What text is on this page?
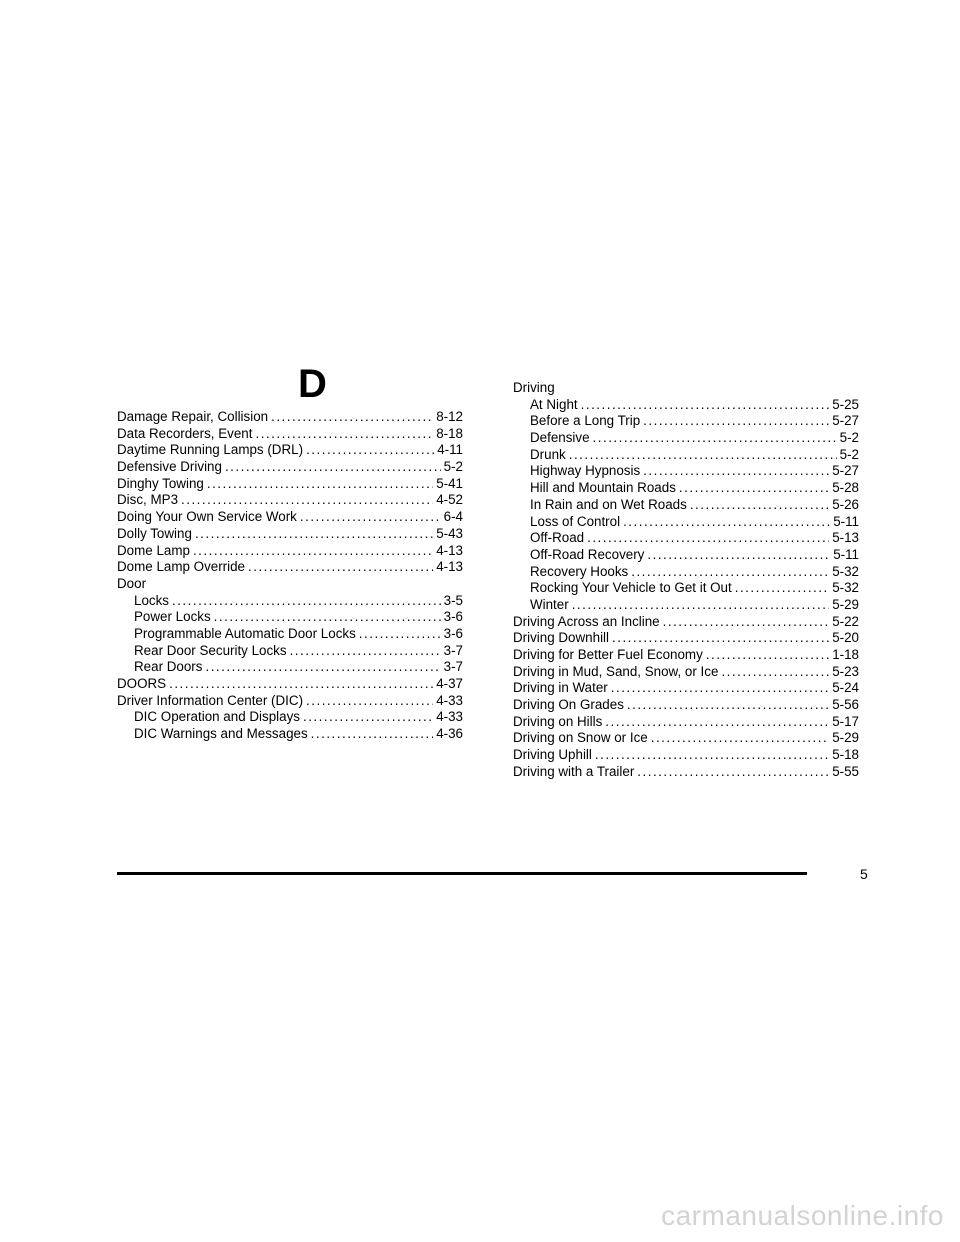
D
Damage Repair, Collision .....	8-12
Data Recorders, Event .....	8-18
Daytime Running Lamps (DRL) .....	4-11
Defensive Driving .....	5-2
Dinghy Towing .....	5-41
Disc, MP3 .....	4-52
Doing Your Own Service Work .....	6-4
Dolly Towing .....	5-43
Dome Lamp .....	4-13
Dome Lamp Override .....	4-13
Door
Locks .....	3-5
Power Locks .....	3-6
Programmable Automatic Door Locks .....	3-6
Rear Door Security Locks .....	3-7
Rear Doors .....	3-7
DOORS .....	4-37
Driver Information Center (DIC) .....	4-33
DIC Operation and Displays .....	4-33
DIC Warnings and Messages .....	4-36
Driving
At Night .....	5-25
Before a Long Trip .....	5-27
Defensive .....	5-2
Drunk .....	5-2
Highway Hypnosis .....	5-27
Hill and Mountain Roads .....	5-28
In Rain and on Wet Roads .....	5-26
Loss of Control .....	5-11
Off-Road .....	5-13
Off-Road Recovery .....	5-11
Recovery Hooks .....	5-32
Rocking Your Vehicle to Get it Out .....	5-32
Winter .....	5-29
Driving Across an Incline .....	5-22
Driving Downhill .....	5-20
Driving for Better Fuel Economy .....	1-18
Driving in Mud, Sand, Snow, or Ice .....	5-23
Driving in Water .....	5-24
Driving On Grades .....	5-56
Driving on Hills .....	5-17
Driving on Snow or Ice .....	5-29
Driving Uphill .....	5-18
Driving with a Trailer .....	5-55
5
carmanualsonline.info
